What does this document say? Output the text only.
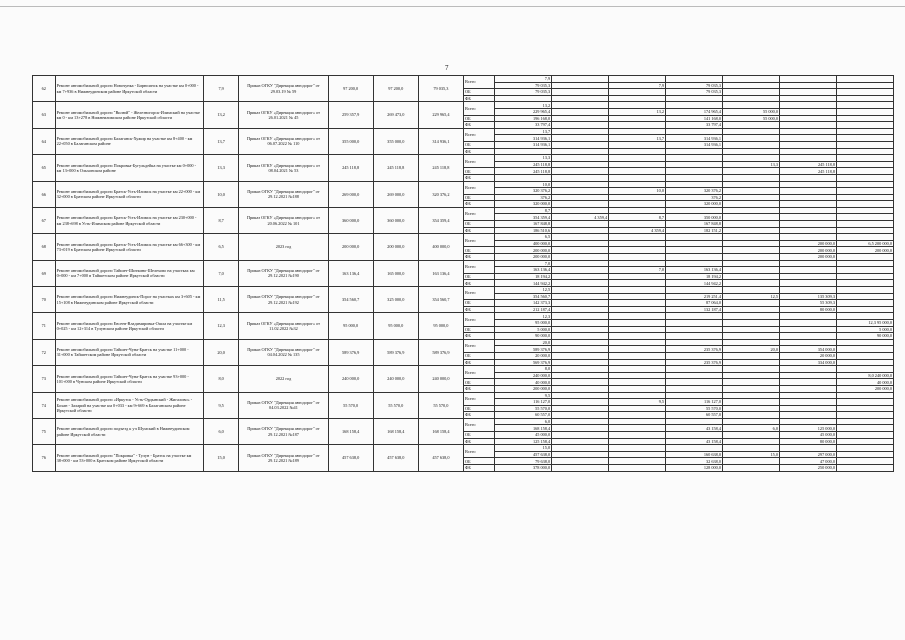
7
62	Ремонт автомобильной дороги Новочунка - Бирюсинск на участке км 0+000 - км 7+936 в Нижнеудинском районе Иркутской области	7,9	Приказ ОГКУ "Дирекция автодорог" от 29.03.19 № 59	97 200,0	97 200,0	79 035,3	Всего	7,9						
								79 035,3		7,9	79 035,3			
							ОБ	79 035,3			79 035,3			
							ФБ							
63	Ремонт автомобильной дороги "Вилюй" - Железногорск-Илимский на участке км 0 - км 13+278 в Нижнеилимском районе Иркутской области	13,2	Приказ ОГКУ «Дирекция автодорог» от 26.01.2021 № 45	259 357,9	269 473,0	229 965,4	Всего	13,2						
								229 965,4		13,2	174 965,4	55 000,0		
							ОБ	196 168,0			141 168,0	55 000,0		
							ФБ	33 797,4			33 797,4			
64	Ремонт автомобильной дороги Балаганск-Хужир на участке км 8+400 - км 22+050 в Балаганском районе	13,7	Приказ ОГКУ «Дирекция автодорог» от 06.07.2022 № 110	355 000,0	355 000,0	314 936,1	Всего	13,7						
								314 936,1		13,7	314 936,1			
							ОБ	314 936,1			314 936,1			
							ФБ							
65	Ремонт автомобильной дороги Покровка-Бугульдейка на участке км 0+000 - км 13+000 в Ольхонском районе	13,3	Приказ ОГКУ «Дирекция автодорог» от 08.04.2021 № 53	245 118,8	245 118,8	245 118,8	Всего	13,3						
								245 118,8				13,3	245 118,8	
							ОБ	245 118,8					245 118,8	
							ФБ							
66	Ремонт автомобильной дороги Братск-Усть-Илимск на участке км 22+000 - км 32+000 в Братском районе Иркутской области	10,0	Приказ ОГКУ "Дирекция автодорог" от 29.12.2021 №188	269 000,0	269 000,0	320 376,2	Всего	10,0						
								320 376,2		10,0	320 376,2			
							ОБ	376,2			376,2			
							ФБ	320 000,0			320 000,0			
67	Ремонт автомобильной дороги Братск-Усть-Илимск на участке км 230+000 - км 238+698 в Усть-Илимском районе Иркутской области	8,7	Приказ ОГКУ «Дирекция автодорог» от 20.06.2022 № 101	360 000,0	360 000,0	354 359,4	Всего	8,7						
								354 359,4	4 359,4	8,7	350 000,0			
							ОБ	167 848,8			167 848,8			
							ФБ	186 510,6		4 359,4	182 151,2			
68	Ремонт автомобильной дороги Братск-Усть-Илимск на участке км 66+300 - км 73+019 в Братском районе Иркутской области	6,5	2023 год	200 000,0	200 000,0	400 000,0	Всего	6,5						
								400 000,0					200 000,0	6,5 200 000,0
							ОБ	200 000,0					200 000,0	200 000,0
							ФБ	200 000,0					200 000,0	
69	Ремонт автомобильной дороги Тайшет-Шиткино-Шелехово на участках км 0+000 - км 7+000 в Тайшетском районе Иркутской области	7,0	Приказ ОГКУ "Дирекция автодорог" от 29.12.2021 №190	163 136,4	165 000,0	163 136,4	Всего	7,0						
								163 136,4		7,0	163 136,4			
							ОБ	18 194,2			18 194,2			
							ФБ	144 942,2			144 942,2			
70	Ремонт автомобильной дороги Нижнеудинск-Порог на участках км 3+605 - км 15+108 в Нижнеудинском районе Иркутской области	11,5	Приказ ОГКУ "Дирекция автодорог" от 29.12.2021 №192	354 560,7	325 000,0	354 560,7	Всего	12,5						
								354 560,7			219 251,4	12,5	135 309,3	
							ОБ	142 373,3			87 064,0		55 309,3	
							ФБ	212 187,4			132 187,4		80 000,0	
71	Ремонт автомобильной дороги Евсеев-Владимировка-Ошла на участке км 0+025 - км 12+314 в Тулунском районе Иркутской области	12,3	Приказ ОГКУ «Дирекция автодорог» от 11.02.2022 №32	95 000,0	95 000,0	95 000,0	Всего	12,3						
								95 000,0						12,3 95 000,0
							ОБ	5 000,0						5 000,0
							ФБ	90 000,0						90 000,0
72	Ремонт автомобильной дороги Тайшет-Чуна-Братск на участке 11+000 - 31+000 в Тайшетском районе Иркутской области	20,0	Приказ ОГКУ "Дирекция автодорог" от 04.04.2022 № 135	589 376,9	589 376,9	589 376,9	Всего	20,0						
								589 376,9			235 376,9	20,0	354 000,0	
							ОБ	20 000,0					20 000,0	
							ФБ	569 376,9			235 376,9		334 000,0	
73	Ремонт автомобильной дороги Тайшет-Чуна-Братск на участке 93+000 - 101+000 в Чунском районе Иркутской области	8,0	2022 год	240 000,0	240 000,0	240 000,0	Всего	8,0						
								240 000,0						8,0 240 000,0
							ОБ	40 000,0						40 000,0
							ФБ	200 000,0						200 000,0
74	Ремонт автомобильной дороги «Иркутск - Усть-Ордынский - Жигалово» - Бохан - Заларий на участке км 0+033 - км 9+669 в Балаганском районе Иркутской области	9,5	Приказ ОГКУ "Дирекция автодорог" от 04.03.2022 №41	55 570,0	55 570,0	55 570,0	Всего	9,5						
								116 127,0		9,5	116 127,0			
							ОБ	55 570,0			55 570,0			
							ФБ	60 557,0			60 557,0			
75	Ремонт автомобильной дороги подъезд к уч Шумский в Нижнеудинском районе Иркутской области	6,0	Приказ ОГКУ "Дирекция автодорог" от 29.12.2021 №187	168 158,4	168 158,4	168 158,4	Всего	6,0						
								168 158,4			43 158,4	6,0	125 000,0	
							ОБ	45 000,0					45 000,0	
							ФБ	125 158,4			43 158,4		80 000,0	
76	Ремонт автомобильной дороги "Покровка" - Тулун - Братск на участке км 38+000 - км 53+000 в Братском районе Иркутской области	15,0	Приказ ОГКУ "Дирекция автодорог" от 29.12.2021 №189	457 638,0	457 638,0	457 638,0	Всего	15,0						
								457 638,0			160 638,0	15,0	297 000,0	
							ОБ	79 638,0			32 638,0		47 000,0	
							ФБ	378 000,0			128 000,0		250 000,0	
